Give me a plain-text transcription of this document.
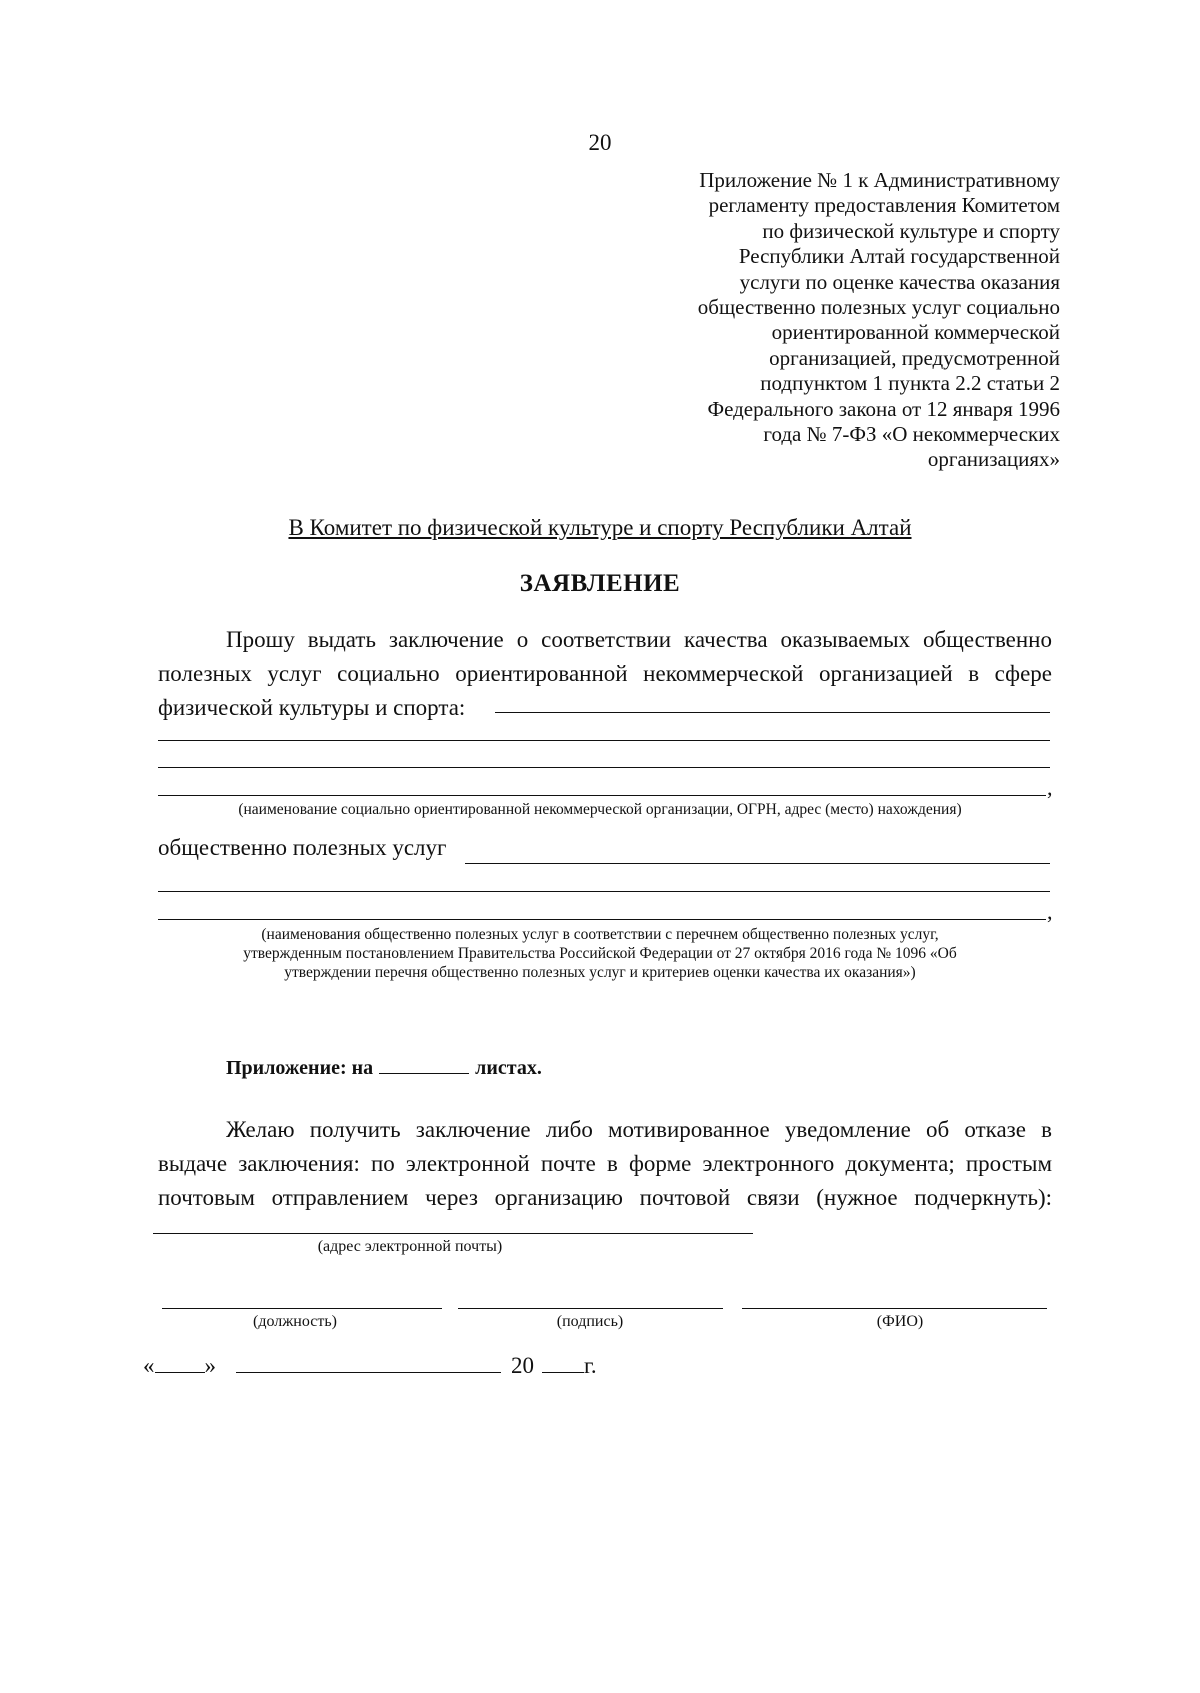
20
Приложение № 1 к Административному
регламенту предоставления Комитетом
по физической культуре и спорту
Республики Алтай государственной
услуги по оценке качества оказания
общественно полезных услуг социально
ориентированной коммерческой
организацией, предусмотренной
подпунктом 1 пункта 2.2 статьи 2
Федерального закона от 12 января 1996
года № 7-ФЗ «О некоммерческих
организациях»
В Комитет по физической культуре и спорту Республики Алтай
ЗАЯВЛЕНИЕ
Прошу выдать заключение о соответствии качества оказываемых общественно
полезных услуг социально ориентированной некоммерческой организацией в сфере
физической культуры и спорта:
,
(наименование социально ориентированной некоммерческой организации, ОГРН, адрес (место) нахождения)
общественно полезных услуг
,
(наименования общественно полезных услуг в соответствии с перечнем общественно полезных услуг,
утвержденным постановлением Правительства Российской Федерации от 27 октября 2016 года № 1096 «Об
утверждении перечня общественно полезных услуг и критериев оценки качества их оказания»)
Приложение: на	листах.
Желаю получить заключение либо мотивированное уведомление об отказе в
выдаче заключения: по электронной почте в форме электронного документа; простым
почтовым отправлением через организацию почтовой связи (нужное подчеркнуть):
(адрес электронной почты)
(должность)	(подпись)	(ФИО)
« »	20 г.
